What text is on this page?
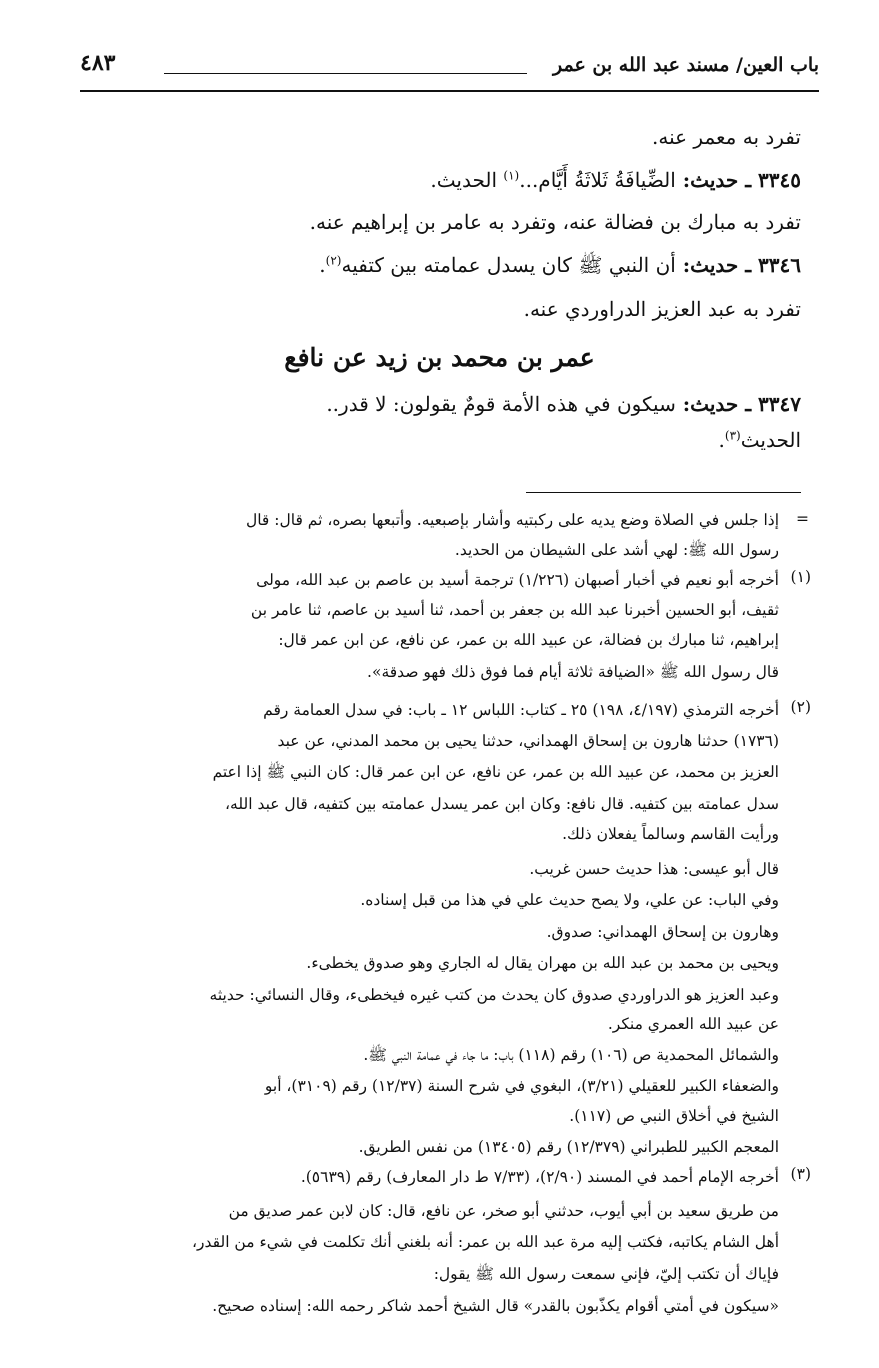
باب العين/ مسند عبد الله بن عمر
٤٨٣
تفرد به معمر عنه.
٣٣٤٥ ـ حديث: الضِّيافَةُ ثَلاثَةُ أَيَّام...$^{(١)}$ الحديث.
تفرد به مبارك بن فضالة عنه، وتفرد به عامر بن إبراهيم عنه.
٣٣٤٦ ـ حديث: أن النبي ﷺ كان يسدل عمامته بين كتفيه$^{(٢)}$.
تفرد به عبد العزيز الدراوردي عنه.
عمر بن محمد بن زيد عن نافع
٣٣٤٧ ـ حديث: سيكون في هذه الأمة قومٌ يقولون: لا قدر..
الحديث$^{(٣)}$.
=
إذا جلس في الصلاة وضع يديه على ركبتيه وأشار بإصبعيه. وأتبعها بصره، ثم قال: قال
رسول الله ﷺ: لهي أشد على الشيطان من الحديد.
(١)
أخرجه أبو نعيم في أخبار أصبهان (١/٢٢٦) ترجمة أسيد بن عاصم بن عبد الله، مولى
ثقيف، أبو الحسين أخبرنا عبد الله بن جعفر بن أحمد، ثنا أسيد بن عاصم، ثنا عامر بن
إبراهيم، ثنا مبارك بن فضالة، عن عبيد الله بن عمر، عن نافع، عن ابن عمر قال:
قال رسول الله ﷺ «الضيافة ثلاثة أيام فما فوق ذلك فهو صدقة».
(٢)
أخرجه الترمذي (٤/١٩٧، ١٩٨) ٢٥ ـ كتاب: اللباس ١٢ ـ باب: في سدل العمامة رقم
(١٧٣٦) حدثنا هارون بن إسحاق الهمداني، حدثنا يحيى بن محمد المدني، عن عبد
العزيز بن محمد، عن عبيد الله بن عمر، عن نافع، عن ابن عمر قال: كان النبي ﷺ إذا اعتم
سدل عمامته بين كتفيه. قال نافع: وكان ابن عمر يسدل عمامته بين كتفيه، قال عبد الله،
ورأيت القاسم وسالماً يفعلان ذلك.
قال أبو عيسى: هذا حديث حسن غريب.
وفي الباب: عن علي، ولا يصح حديث علي في هذا من قبل إسناده.
وهارون بن إسحاق الهمداني: صدوق.
ويحيى بن محمد بن عبد الله بن مهران يقال له الجاري وهو صدوق يخطىء.
وعبد العزيز هو الدراوردي صدوق كان يحدث من كتب غيره فيخطىء، وقال النسائي: حديثه
عن عبيد الله العمري منكر.
والشمائل المحمدية ص (١٠٦) رقم (١١٨) باب: ما جاء في عمامة النبي ﷺ.
والضعفاء الكبير للعقيلي (٣/٢١)، البغوي في شرح السنة (١٢/٣٧) رقم (٣١٠٩)، أبو
الشيخ في أخلاق النبي ص (١١٧).
المعجم الكبير للطبراني (١٢/٣٧٩) رقم (١٣٤٠٥) من نفس الطريق.
(٣)
أخرجه الإمام أحمد في المسند (٢/٩٠)، (٧/٣٣ ط دار المعارف) رقم (٥٦٣٩).
من طريق سعيد بن أبي أيوب، حدثني أبو صخر، عن نافع، قال: كان لابن عمر صديق من
أهل الشام يكاتبه، فكتب إليه مرة عبد الله بن عمر: أنه بلغني أنك تكلمت في شيء من القدر،
فإياك أن تكتب إليّ، فإني سمعت رسول الله ﷺ يقول:
«سيكون في أمتي أقوام يكذّبون بالقدر» قال الشيخ أحمد شاكر رحمه الله: إسناده صحيح.
